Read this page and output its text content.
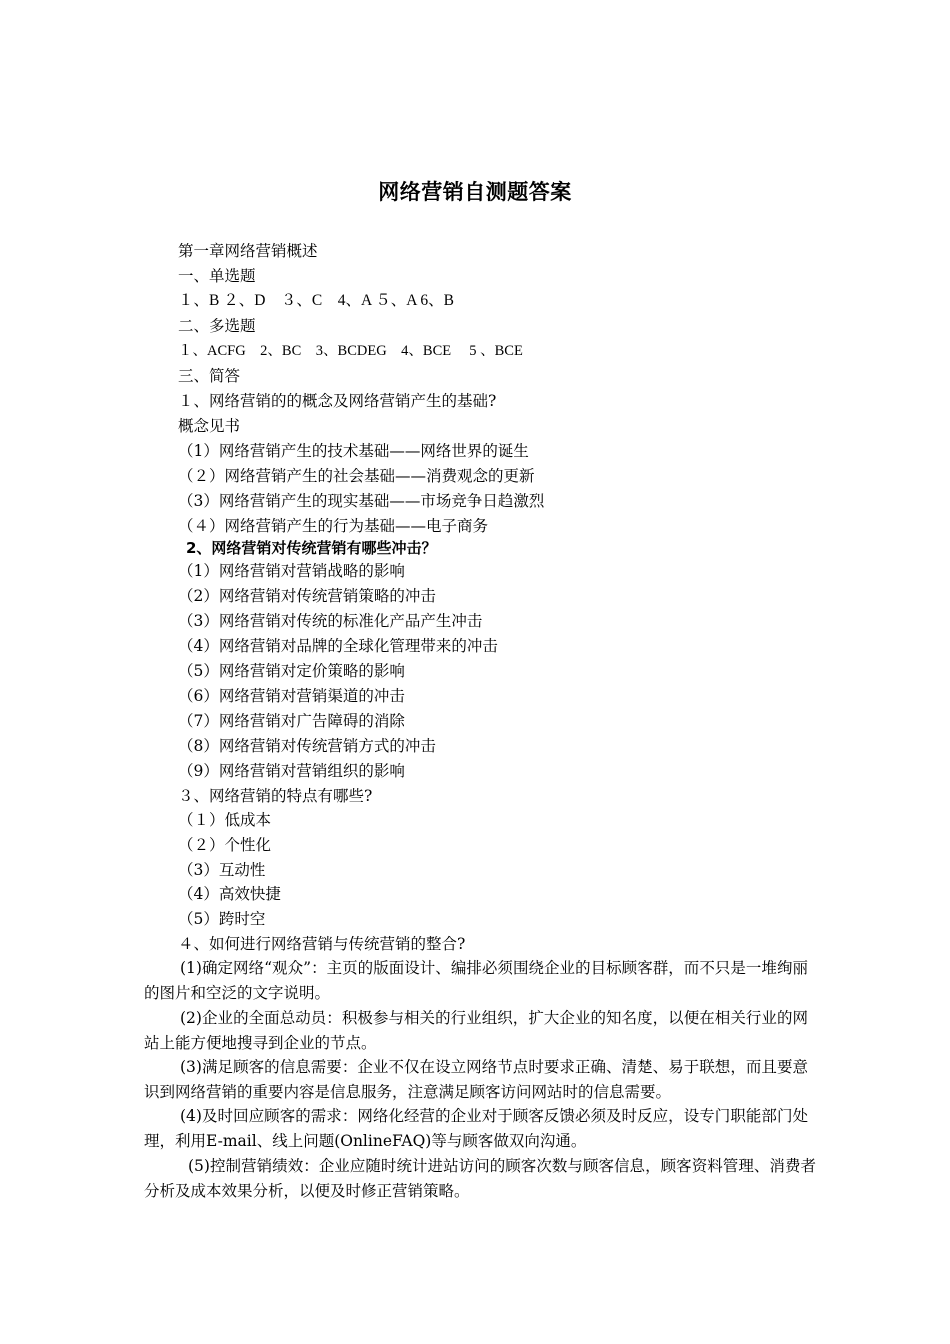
网络营销自测题答案
第一章网络营销概述
一、单选题
１、B ２、D　３、C　4、A ５、A 6、B
二、多选题
１、ACFG　2、BC　3、BCDEG　4、BCE　 5 、BCE
三、简答
１、网络营销的的概念及网络营销产生的基础?
概念见书
（1）网络营销产生的技术基础——网络世界的诞生
（２）网络营销产生的社会基础——消费观念的更新
（3）网络营销产生的现实基础——市场竞争日趋激烈
（４）网络营销产生的行为基础——电子商务
2、网络营销对传统营销有哪些冲击？
（1）网络营销对营销战略的影响
（2）网络营销对传统营销策略的冲击
（3）网络营销对传统的标准化产品产生冲击
（4）网络营销对品牌的全球化管理带来的冲击
（5）网络营销对定价策略的影响
（6）网络营销对营销渠道的冲击
（7）网络营销对广告障碍的消除
（8）网络营销对传统营销方式的冲击
（9）网络营销对营销组织的影响
３、网络营销的特点有哪些?
（１）低成本
（２）个性化
（3）互动性
（4）高效快捷
（5）跨时空
４、如何进行网络营销与传统营销的整合?
(1)确定网络“观众”：主页的版面设计、编排必须围绕企业的目标顾客群，而不只是一堆绚丽的图片和空泛的文字说明。
(2)企业的全面总动员：积极参与相关的行业组织，扩大企业的知名度，以便在相关行业的网站上能方便地搜寻到企业的节点。
(3)满足顾客的信息需要：企业不仅在设立网络节点时要求正确、清楚、易于联想，而且要意识到网络营销的重要内容是信息服务，注意满足顾客访问网站时的信息需要。
(4)及时回应顾客的需求：网络化经营的企业对于顾客反馈必须及时反应，设专门职能部门处理，利用E-mail、线上问题(OnlineFAQ)等与顾客做双向沟通。
(5)控制营销绩效：企业应随时统计进站访问的顾客次数与顾客信息，顾客资料管理、消费者分析及成本效果分析，以便及时修正营销策略。
